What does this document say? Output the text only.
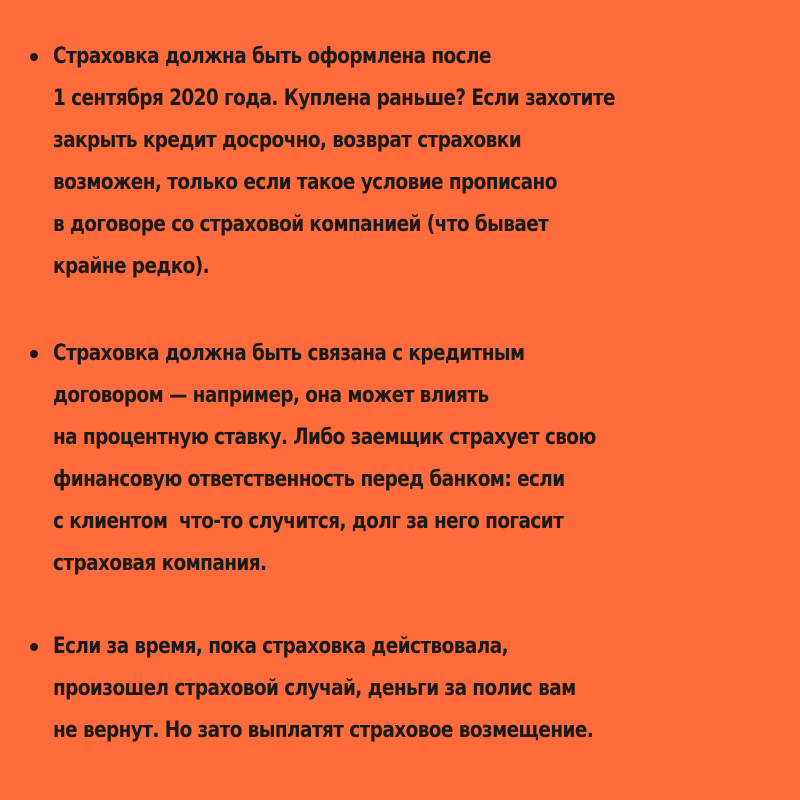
Страховка должна быть оформлена после
1 сентября 2020 года. Куплена раньше? Если захотите
закрыть кредит досрочно, возврат страховки
возможен, только если такое условие прописано
в договоре со страховой компанией (что бывает
крайне редко).

Страховка должна быть связана с кредитным
договором — например, она может влиять
на процентную ставку. Либо заемщик страхует свою
финансовую ответственность перед банком: если
с клиентом  что-то случится, долг за него погасит
страховая компания.

Если за время, пока страховка действовала,
произошел страховой случай, деньги за полис вам
не вернут. Но зато выплатят страховое возмещение.
